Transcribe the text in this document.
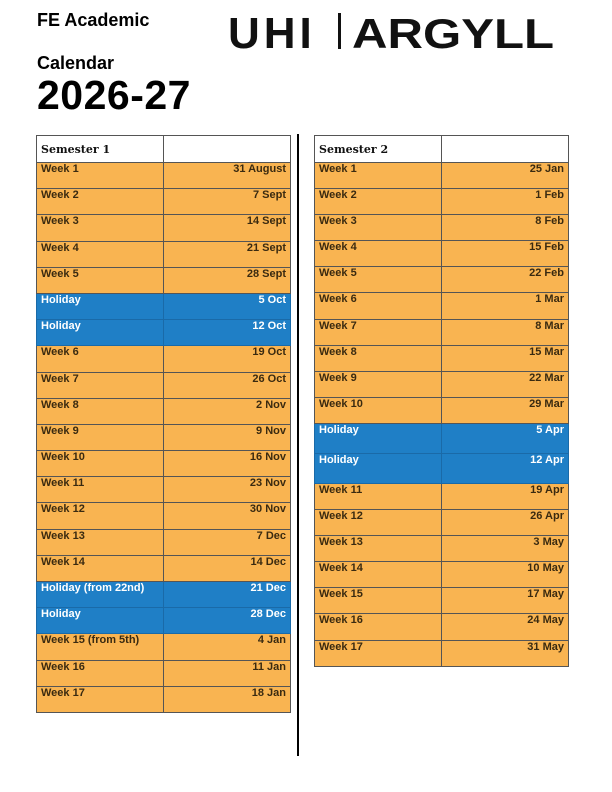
FE Academic
Calendar
2026-27
UHI ARGYLL
Semester 1	
Week 1	31 August
Week 2	7 Sept
Week 3	14 Sept
Week 4	21 Sept
Week 5	28 Sept
Holiday	5 Oct
Holiday	12 Oct
Week 6	19 Oct
Week 7	26 Oct
Week 8	2 Nov
Week 9	9 Nov
Week 10	16 Nov
Week 11	23 Nov
Week 12	30 Nov
Week 13	7 Dec
Week 14	14 Dec
Holiday (from 22nd)	21 Dec
Holiday	28 Dec
Week 15 (from 5th)	4 Jan
Week 16	11 Jan
Week 17	18 Jan
Semester 2	
Week 1	25 Jan
Week 2	1 Feb
Week 3	8 Feb
Week 4	15 Feb
Week 5	22 Feb
Week 6	1 Mar
Week 7	8 Mar
Week 8	15 Mar
Week 9	22 Mar
Week 10	29 Mar
Holiday	5 Apr
Holiday	12 Apr
Week 11	19 Apr
Week 12	26 Apr
Week 13	3 May
Week 14	10 May
Week 15	17 May
Week 16	24 May
Week 17	31 May
